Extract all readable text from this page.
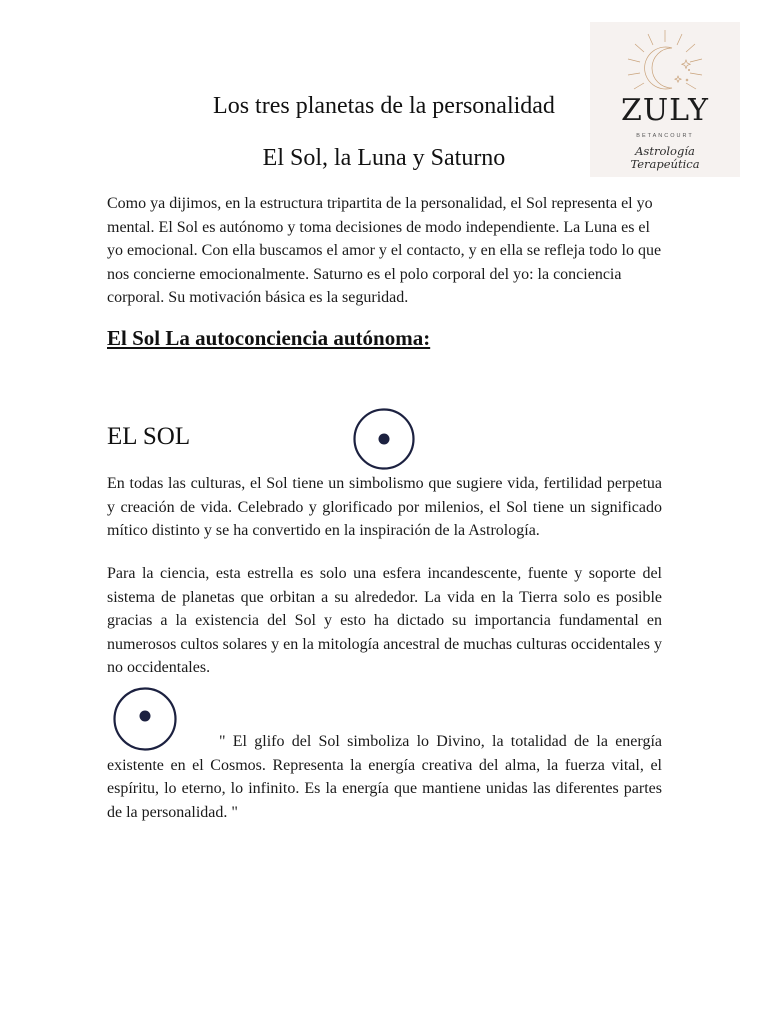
ZULY
BETANCOURT
Astrología
Terapeútica
Los tres planetas de la personalidad
El Sol, la Luna y Saturno
Como ya dijimos, en la estructura tripartita de la personalidad, el Sol representa el yo mental. El Sol es autónomo y toma decisiones de modo independiente. La Luna es el yo emocional. Con ella buscamos el amor y el contacto, y en ella se refleja todo lo que nos concierne emocionalmente. Saturno es el polo corporal del yo: la conciencia corporal. Su motivación básica es la seguridad.
El Sol La autoconciencia autónoma:
EL SOL
En todas las culturas, el Sol tiene un simbolismo que sugiere vida, fertilidad perpetua y creación de vida. Celebrado y glorificado por milenios, el Sol tiene un significado mítico distinto y se ha convertido en la inspiración de la Astrología.
Para la ciencia, esta estrella es solo una esfera incandescente, fuente y soporte del sistema de planetas que orbitan a su alrededor. La vida en la Tierra solo es posible gracias a la existencia del Sol y esto ha dictado su importancia fundamental en numerosos cultos solares y en la mitología ancestral de muchas culturas occidentales y no occidentales.
" El glifo del Sol simboliza lo Divino, la totalidad de la energía existente en el Cosmos. Representa la energía creativa del alma, la fuerza vital, el espíritu, lo eterno, lo infinito. Es la energía que mantiene unidas las diferentes partes de la personalidad. "
